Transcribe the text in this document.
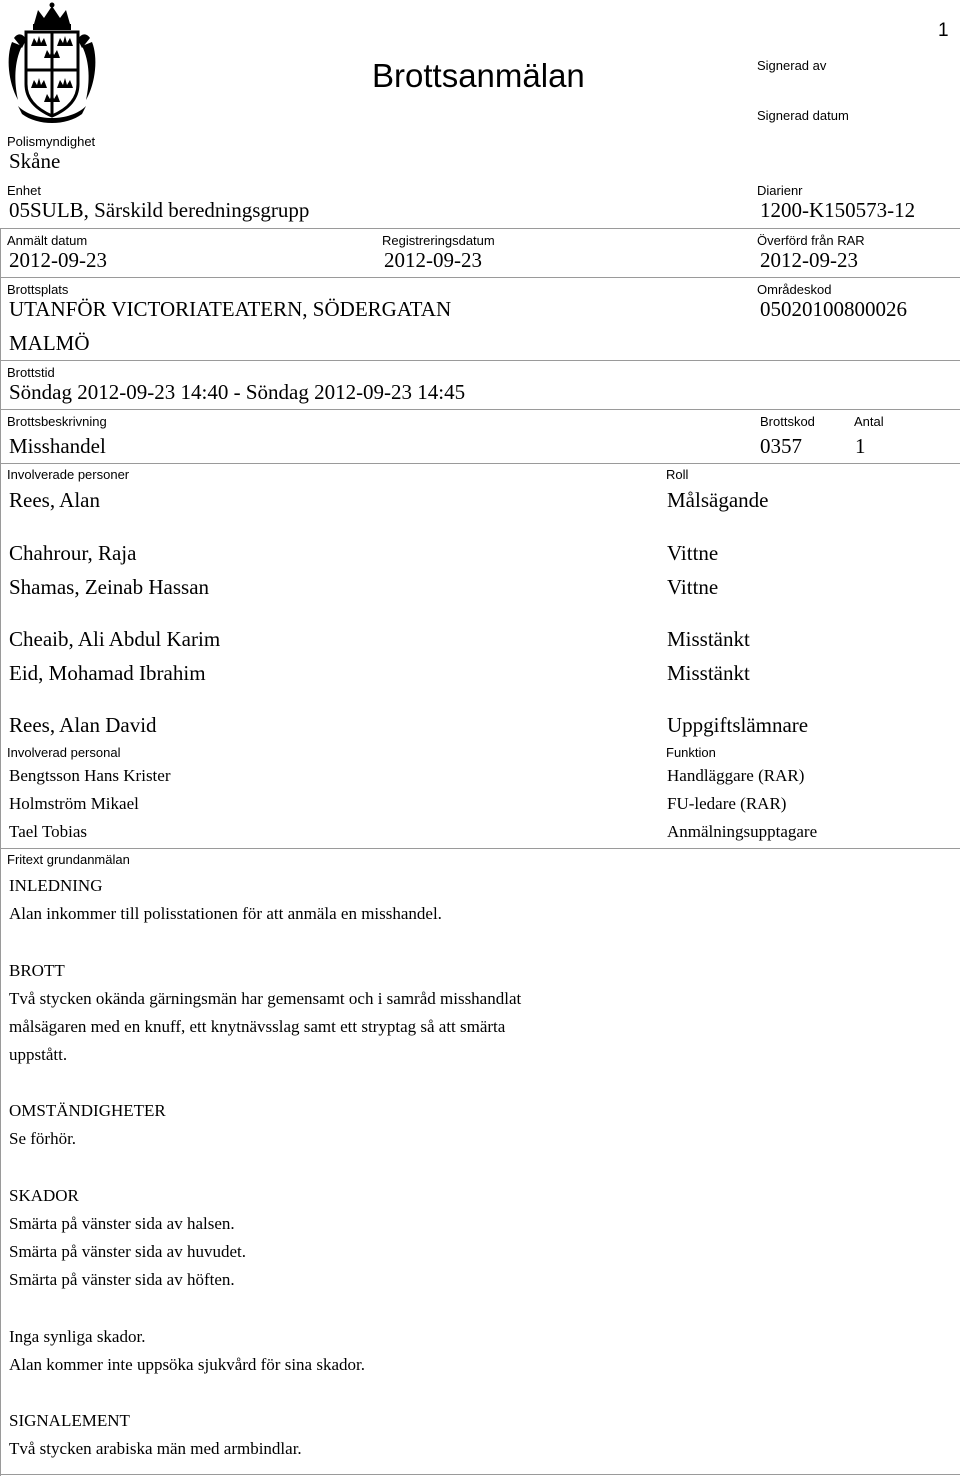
Brottsanmälan
1
Signerad av
Signerad datum
Polismyndighet
Skåne
Enhet
05SULB, Särskild beredningsgrupp
Diarienr
1200-K150573-12
Anmält datum
2012-09-23
Registreringsdatum
2012-09-23
Överförd från RAR
2012-09-23
Brottsplats
UTANFÖR VICTORIATEATERN, SÖDERGATAN
MALMÖ
Områdeskod
05020100800026
Brottstid
Söndag 2012-09-23 14:40 - Söndag 2012-09-23 14:45
Brottsbeskrivning
Misshandel
Brottskod
0357
Antal
1
Involverade personer	Roll
Rees, Alan	Målsägande
Chahrour, Raja	Vittne
Shamas, Zeinab Hassan	Vittne
Cheaib, Ali Abdul Karim	Misstänkt
Eid, Mohamad Ibrahim	Misstänkt
Rees, Alan David	Uppgiftslämnare
Involverad personal	Funktion
Bengtsson Hans Krister	Handläggare (RAR)
Holmström Mikael	FU-ledare (RAR)
Tael Tobias	Anmälningsupptagare
Fritext grundanmälan
INLEDNING
Alan inkommer till polisstationen för att anmäla en misshandel.
BROTT
Två stycken okända gärningsmän har gemensamt och i samråd misshandlat
målsägaren med en knuff, ett knytnävsslag samt ett stryptag så att smärta
uppstått.
OMSTÄNDIGHETER
Se förhör.
SKADOR
Smärta på vänster sida av halsen.
Smärta på vänster sida av huvudet.
Smärta på vänster sida av höften.
Inga synliga skador.
Alan kommer inte uppsöka sjukvård för sina skador.
SIGNALEMENT
Två stycken arabiska män med armbindlar.
